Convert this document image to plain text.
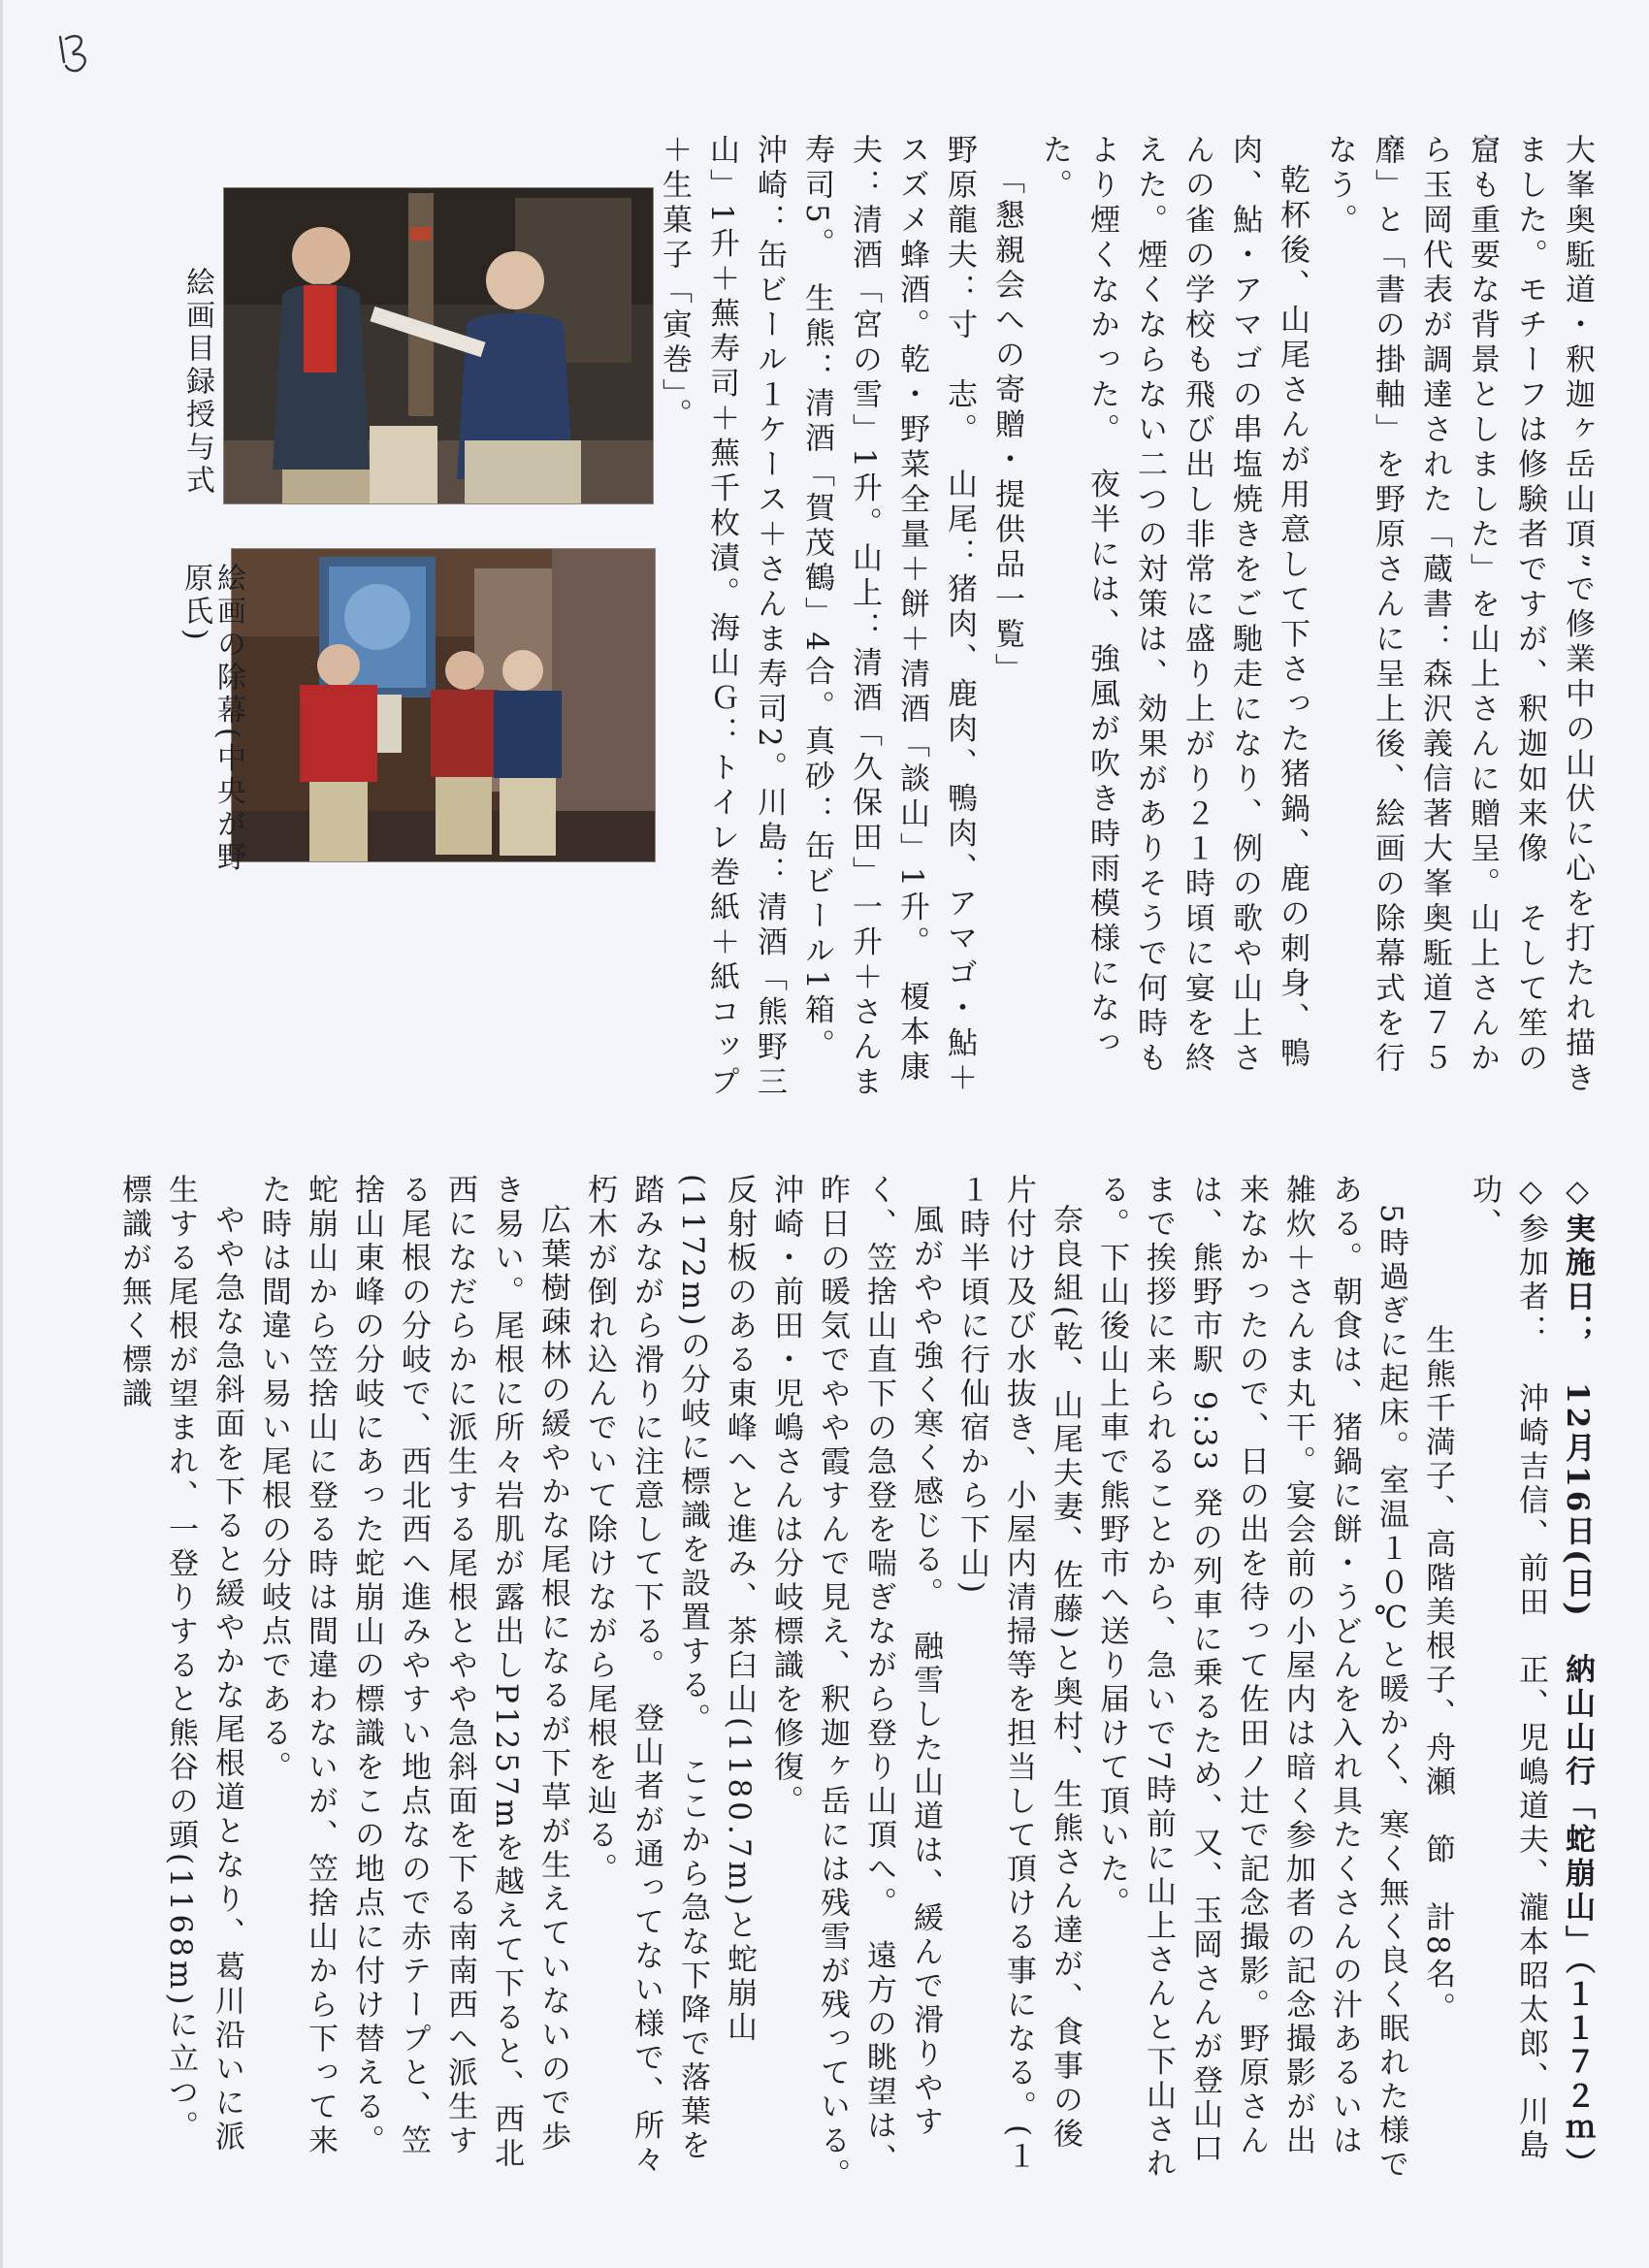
絵画目録授与式
絵画の除幕(中央が野原氏)	大峯奥駈道・釈迦ヶ岳山頂”で修業中の山伏に心を打たれ描きました。モチーフは修験者ですが、釈迦如来像　そして笙の窟も重要な背景としました」を山上さんに贈呈。山上さんから玉岡代表が調達された「蔵書：森沢義信著大峯奥駈道７５靡」と「書の掛軸」を野原さんに呈上後、絵画の除幕式を行なう。

乾杯後、山尾さんが用意して下さった猪鍋、鹿の刺身、鴨肉、鮎・アマゴの串塩焼きをご馳走になり、例の歌や山上さんの雀の学校も飛び出し非常に盛り上がり２１時頃に宴を終えた。煙くならない二つの対策は、効果がありそうで何時もより煙くなかった。　夜半には、強風が吹き時雨模様になった。

「懇親会への寄贈・提供品一覧」

野原龍夫：寸　志。　山尾：猪肉、鹿肉、鴨肉、アマゴ・鮎＋スズメ蜂酒。乾・野菜全量＋餅＋清酒「談山」1升。　榎本康夫：清酒「宮の雪」1升。山上：清酒「久保田」一升＋さんま寿司5。　生熊：清酒「賀茂鶴」4合。真砂：缶ビール1箱。　沖崎：缶ビール１ケース＋さんま寿司2。川島：清酒「熊野三山」1升＋蕪寿司＋蕪千枚漬。海山Ｇ：トイレ巻紙＋紙コップ＋生菓子「寅巻」。

◇実施日；　12月16日(日)　納山山行「蛇崩山」（１１７２ｍ）

◇参加者：　沖崎吉信、前田　正、児嶋道夫、瀧本昭太郎、川島　功、

生熊千満子、高階美根子、舟瀬　節　計8名。

5時過ぎに起床。室温１０℃と暖かく、寒く無く良く眠れた様である。朝食は、猪鍋に餅・うどんを入れ具たくさんの汁あるいは雑炊＋さんま丸干。宴会前の小屋内は暗く参加者の記念撮影が出来なかったので、日の出を待って佐田ノ辻で記念撮影。野原さんは、熊野市駅 9:33 発の列車に乗るため、又、玉岡さんが登山口まで挨拶に来られることから、急いで7時前に山上さんと下山される。下山後山上車で熊野市へ送り届けて頂いた。

奈良組(乾、山尾夫妻、佐藤)と奥村、生熊さん達が、食事の後片付け及び水抜き、小屋内清掃等を担当して頂ける事になる。(１１時半頃に行仙宿から下山)

風がやや強く寒く感じる。　融雪した山道は、緩んで滑りやすく、笠捨山直下の急登を喘ぎながら登り山頂へ。　遠方の眺望は、昨日の暖気でやや霞すんで見え、釈迦ヶ岳には残雪が残っている。　沖崎・前田・児嶋さんは分岐標識を修復。

反射板のある東峰へと進み、茶臼山(1180.7m)と蛇崩山(1172m)の分岐に標識を設置する。　ここから急な下降で落葉を踏みながら滑りに注意して下る。　登山者が通ってない様で、所々朽木が倒れ込んでいて除けながら尾根を辿る。

広葉樹疎林の緩やかな尾根になるが下草が生えていないので歩き易い。尾根に所々岩肌が露出しP1257mを越えて下ると、西北西になだらかに派生する尾根とやや急斜面を下る南南西へ派生する尾根の分岐で、西北西へ進みやすい地点なので赤テープと、笠捨山東峰の分岐にあった蛇崩山の標識をこの地点に付け替える。　蛇崩山から笠捨山に登る時は間違わないが、笠捨山から下って来た時は間違い易い尾根の分岐点である。

やや急な急斜面を下ると緩やかな尾根道となり、葛川沿いに派生する尾根が望まれ、一登りすると熊谷の頭(1168m)に立つ。　標識が無く標識
